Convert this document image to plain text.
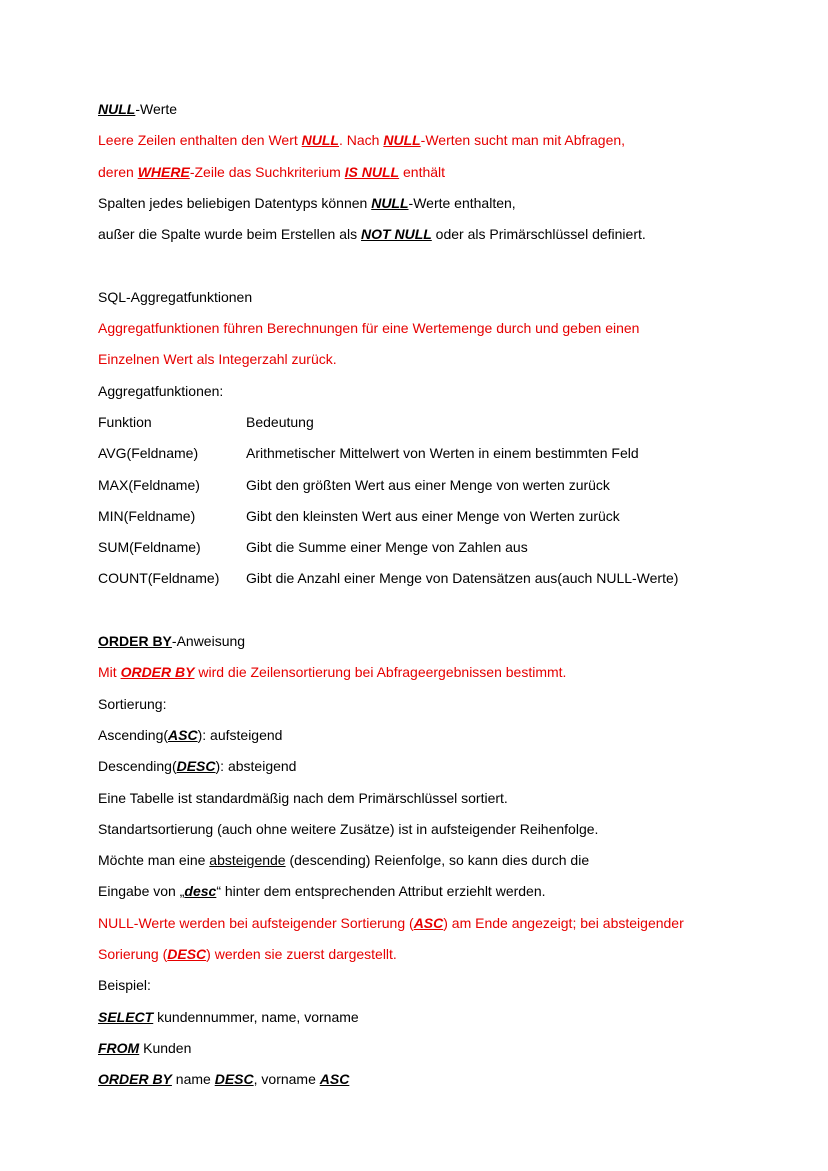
NULL-Werte
Leere Zeilen enthalten den Wert NULL. Nach NULL-Werten sucht man mit Abfragen,
deren WHERE-Zeile das Suchkriterium IS NULL enthält
Spalten jedes beliebigen Datentyps können NULL-Werte enthalten,
außer die Spalte wurde beim Erstellen als NOT NULL oder als Primärschlüssel definiert.
SQL-Aggregatfunktionen
Aggregatfunktionen führen Berechnungen für eine Wertemenge durch und geben einen
Einzelnen Wert als Integerzahl zurück.
Aggregatfunktionen:
Funktion	Bedeutung
AVG(Feldname)	Arithmetischer Mittelwert von Werten in einem bestimmten Feld
MAX(Feldname)	Gibt den größten Wert aus einer Menge von werten zurück
MIN(Feldname)	Gibt den kleinsten Wert aus einer Menge von Werten zurück
SUM(Feldname)	Gibt die Summe einer Menge von Zahlen aus
COUNT(Feldname) Gibt die Anzahl einer Menge von Datensätzen aus(auch NULL-Werte)
ORDER BY-Anweisung
Mit ORDER BY wird die Zeilensortierung bei Abfrageergebnissen bestimmt.
Sortierung:
Ascending(ASC): aufsteigend
Descending(DESC): absteigend
Eine Tabelle ist standardmäßig nach dem Primärschlüssel sortiert.
Standartsortierung (auch ohne weitere Zusätze) ist in aufsteigender Reihenfolge.
Möchte man eine absteigende (descending) Reienfolge, so kann dies durch die
Eingabe von „desc“ hinter dem entsprechenden Attribut erziehlt werden.
NULL-Werte werden bei aufsteigender Sortierung (ASC) am Ende angezeigt; bei absteigender
Sorierung (DESC) werden sie zuerst dargestellt.
Beispiel:
SELECT kundennummer, name, vorname
FROM Kunden
ORDER BY name DESC, vorname ASC
